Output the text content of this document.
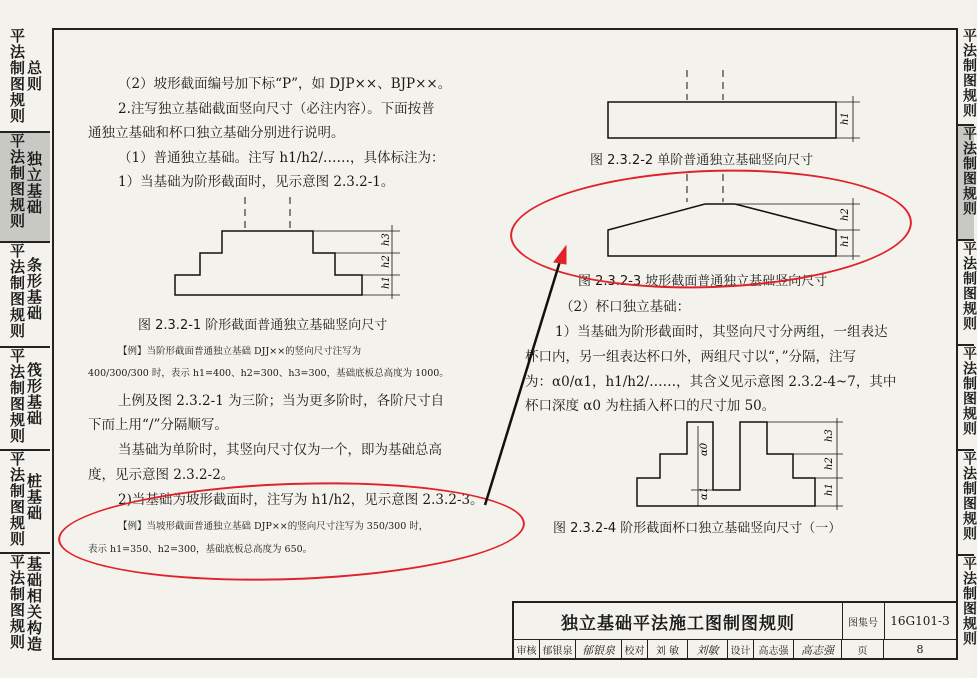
平法制图规则 总则
平法制图规则 独立基础
平法制图规则 条形基础
平法制图规则 筏形基础
平法制图规则 桩基础
平法制图规则 基础相关构造
平法制图规则
平法制图规则
平法制图规则
平法制图规则
平法制图规则
平法制图规则
（2）坡形截面编号加下标“P”，如 DJP××、BJP××。
2.注写独立基础截面竖向尺寸（必注内容）。下面按普
通独立基础和杯口独立基础分别进行说明。
（1）普通独立基础。注写 h1/h2/……，具体标注为：
1）当基础为阶形截面时，见示意图 2.3.2-1。
h3
h2
h1
图 2.3.2-1 阶形截面普通独立基础竖向尺寸
【例】当阶形截面普通独立基础 DJJ××的竖向尺寸注写为
400/300/300 时，表示 h1=400、h2=300、h3=300，基础底板总高度为 1000。
上例及图 2.3.2-1 为三阶；当为更多阶时，各阶尺寸自
下而上用“/”分隔顺写。
当基础为单阶时，其竖向尺寸仅为一个，即为基础总高
度，见示意图 2.3.2-2。
2)当基础为坡形截面时，注写为 h1/h2，见示意图 2.3.2-3。
【例】当坡形截面普通独立基础 DJP××的竖向尺寸注写为 350/300 时，
表示 h1=350、h2=300，基础底板总高度为 650。
h1
图 2.3.2-2 单阶普通独立基础竖向尺寸
h2
h1
图 2.3.2-3 坡形截面普通独立基础竖向尺寸
（2）杯口独立基础：
1）当基础为阶形截面时，其竖向尺寸分两组，一组表达
杯口内，另一组表达杯口外，两组尺寸以“，”分隔，注写
为：α0/α1，h1/h2/……，其含义见示意图 2.3.2-4~7，其中
杯口深度 α0 为柱插入杯口的尺寸加 50。
α0
α1
h3
h2
h1
图 2.3.2-4 阶形截面杯口独立基础竖向尺寸（一）
独立基础平法施工图制图规则	图集号	16G101-3
审核 郁银泉 郁银泉 校对	刘 敏	刘敏	设计 高志强	高志强	页	8
